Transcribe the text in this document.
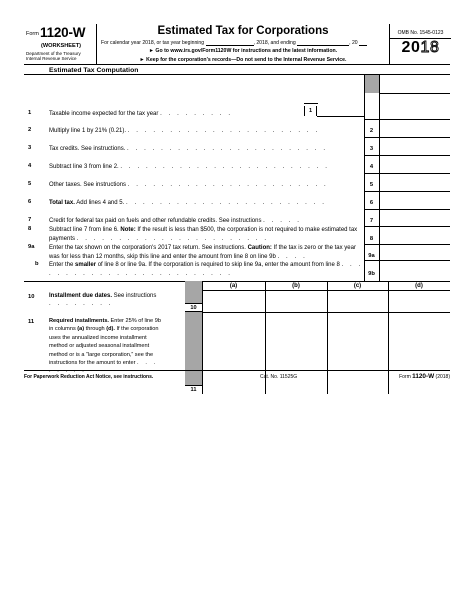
Form 1120-W
(WORKSHEET)
Department of the Treasury
Internal Revenue Service
Estimated Tax for Corporations
For calendar year 2018, or tax year beginning	, 2018, and ending	, 20
► Go to www.irs.gov/Form1120W for instructions and the latest information.
► Keep for the corporation's records—Do not send to the Internal Revenue Service.
OMB No. 1545-0123
2018
Estimated Tax Computation
1	Taxable income expected for the tax year . . . . . . . . .	1
2	Multiply line 1 by 21% (0.21). . . . . . . . . . . . . . . . . . . . . . . .	2
3	Tax credits. See instructions. . . . . . . . . . . . . . . . . . . . . . . . .	3
4	Subtract line 3 from line 2. . . . . . . . . . . . . . . . . . . . . . . . . .	4
5	Other taxes. See instructions . . . . . . . . . . . . . . . . . . . . . . . .	5
6	Total tax. Add lines 4 and 5. . . . . . . . . . . . . . . . . . . . . . . . .	6
7	Credit for federal tax paid on fuels and other refundable credits. See instructions . . . . .	7
8	Subtract line 7 from line 6. Note: If the result is less than $500, the corporation is not required to make estimated tax payments . . . . . . . . . . . . . . . . . . . . . . .	8
9a Enter the tax shown on the corporation's 2017 tax return. See instructions. Caution: If the tax is zero or the tax year was for less than 12 months, skip this line and enter the amount from line 8 on line 9b . . . .	9a
b Enter the smaller of line 8 or line 9a. If the corporation is required to skip line 9a, enter the amount from line 8 . . . . . . . . . . . . . . . . . . . . . . . . .	9b
(a)	(b)	(c)	(d)
10 Installment due dates. See instructions . . . . . . . .
10
11	Required installments. Enter 25% of line 9b in columns (a) through (d). If the corporation uses the annualized income installment method or adjusted seasonal installment method or is a “large corporation,” see the instructions for the amount to enter . . . . . . . .
11
For Paperwork Reduction Act Notice, see instructions.	Cat. No. 11525G	Form 1120-W (2018)
